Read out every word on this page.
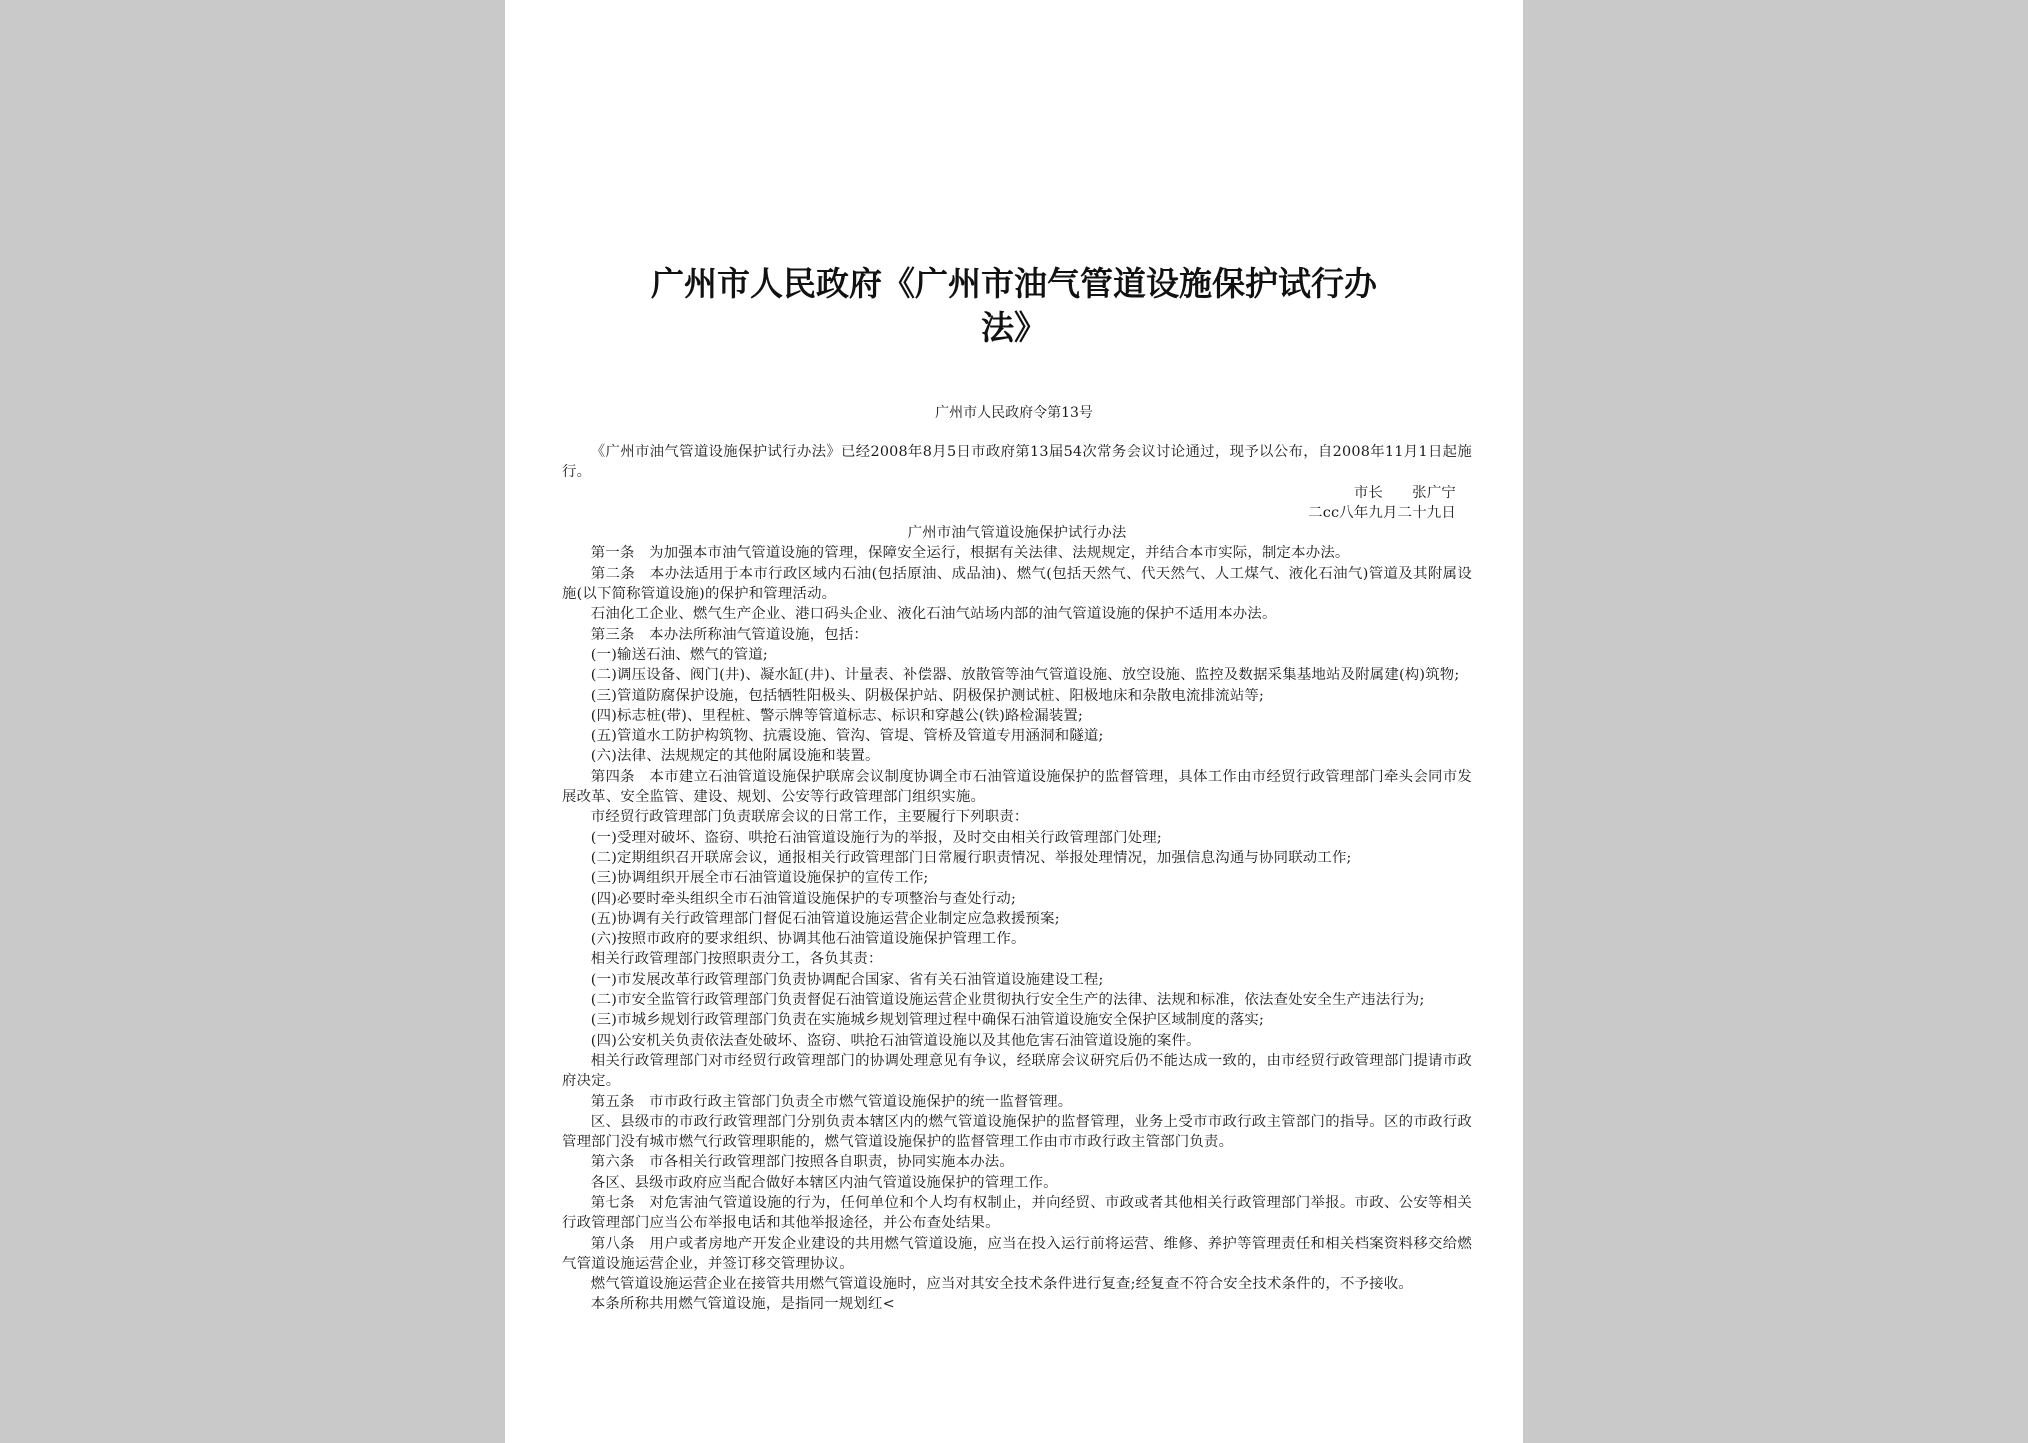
广州市人民政府《广州市油气管道设施保护试行办
法》
广州市人民政府令第13号

《广州市油气管道设施保护试行办法》已经2008年8月5日市政府第13届54次常务会议讨论通过，现予以公布，自2008年11月1日起施行。

市长　　张广宁

二cc八年九月二十九日

广州市油气管道设施保护试行办法

第一条　为加强本市油气管道设施的管理，保障安全运行，根据有关法律、法规规定，并结合本市实际，制定本办法。

第二条　本办法适用于本市行政区域内石油(包括原油、成品油)、燃气(包括天然气、代天然气、人工煤气、液化石油气)管道及其附属设施(以下简称管道设施)的保护和管理活动。

石油化工企业、燃气生产企业、港口码头企业、液化石油气站场内部的油气管道设施的保护不适用本办法。

第三条　本办法所称油气管道设施，包括：

(一)输送石油、燃气的管道;

(二)调压设备、阀门(井)、凝水缸(井)、计量表、补偿器、放散管等油气管道设施、放空设施、监控及数据采集基地站及附属建(构)筑物;

(三)管道防腐保护设施，包括牺牲阳极头、阴极保护站、阴极保护测试桩、阳极地床和杂散电流排流站等;

(四)标志桩(带)、里程桩、警示牌等管道标志、标识和穿越公(铁)路检漏装置;

(五)管道水工防护构筑物、抗震设施、管沟、管堤、管桥及管道专用涵洞和隧道;

(六)法律、法规规定的其他附属设施和装置。

第四条　本市建立石油管道设施保护联席会议制度协调全市石油管道设施保护的监督管理，具体工作由市经贸行政管理部门牵头会同市发展改革、安全监管、建设、规划、公安等行政管理部门组织实施。

市经贸行政管理部门负责联席会议的日常工作，主要履行下列职责：

(一)受理对破坏、盗窃、哄抢石油管道设施行为的举报，及时交由相关行政管理部门处理;

(二)定期组织召开联席会议，通报相关行政管理部门日常履行职责情况、举报处理情况，加强信息沟通与协同联动工作;

(三)协调组织开展全市石油管道设施保护的宣传工作;

(四)必要时牵头组织全市石油管道设施保护的专项整治与查处行动;

(五)协调有关行政管理部门督促石油管道设施运营企业制定应急救援预案;

(六)按照市政府的要求组织、协调其他石油管道设施保护管理工作。

相关行政管理部门按照职责分工，各负其责：

(一)市发展改革行政管理部门负责协调配合国家、省有关石油管道设施建设工程;

(二)市安全监管行政管理部门负责督促石油管道设施运营企业贯彻执行安全生产的法律、法规和标准，依法查处安全生产违法行为;

(三)市城乡规划行政管理部门负责在实施城乡规划管理过程中确保石油管道设施安全保护区域制度的落实;

(四)公安机关负责依法查处破坏、盗窃、哄抢石油管道设施以及其他危害石油管道设施的案件。

相关行政管理部门对市经贸行政管理部门的协调处理意见有争议，经联席会议研究后仍不能达成一致的，由市经贸行政管理部门提请市政府决定。

第五条　市市政行政主管部门负责全市燃气管道设施保护的统一监督管理。

区、县级市的市政行政管理部门分别负责本辖区内的燃气管道设施保护的监督管理，业务上受市市政行政主管部门的指导。区的市政行政管理部门没有城市燃气行政管理职能的，燃气管道设施保护的监督管理工作由市市政行政主管部门负责。

第六条　市各相关行政管理部门按照各自职责，协同实施本办法。

各区、县级市政府应当配合做好本辖区内油气管道设施保护的管理工作。

第七条　对危害油气管道设施的行为，任何单位和个人均有权制止，并向经贸、市政或者其他相关行政管理部门举报。市政、公安等相关行政管理部门应当公布举报电话和其他举报途径，并公布查处结果。

第八条　用户或者房地产开发企业建设的共用燃气管道设施，应当在投入运行前将运营、维修、养护等管理责任和相关档案资料移交给燃气管道设施运营企业，并签订移交管理协议。

燃气管道设施运营企业在接管共用燃气管道设施时，应当对其安全技术条件进行复查;经复查不符合安全技术条件的，不予接收。

本条所称共用燃气管道设施，是指同一规划红<
